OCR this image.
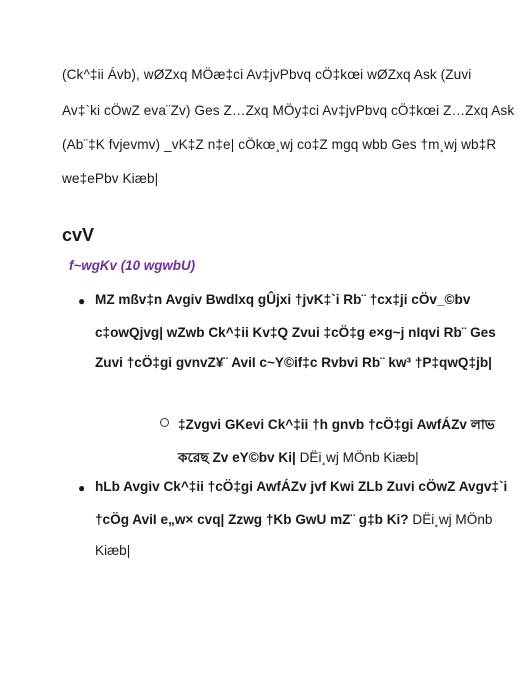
(Ck^‡ii Ávb), wØZxq MÖæ‡ci Av‡jvPbvq cÖ‡kœi wØZxq Ask (Zuvi
Av‡`ki cÖwZ eva¨Zv) Ges Z…Zxq MÖy‡ci Av‡jvPbvq cÖ‡kœi Z…Zxq Ask
(Ab¨‡K fvjevmv) _vK‡Z n‡e| cÖkœ¸wj co‡Z mgq wbb Ges †m¸wj wb‡R
we‡ePbv Kiæb|
cvV
f~wgKv (10 wgwbU)
● MZ mßv‡n Avgiv Bwdlxq gÛjxi †jvK‡`i Rb¨ †cx‡ji cÖv_©bv
c‡owQjvg| wZwb Ck^‡ii Kv‡Q Zvui ‡cÖ‡g e×g~j nIqvi Rb¨ Ges
Zuvi †cÖ‡gi gvnvZ¥¨ AviI c~Y©if‡c Rvbvi Rb¨ kw³ †P‡qwQ‡jb|
‡Zvgvi GKevi Ck^‡ii †h gnvb †cÖ‡gi AwfÁZv লাভ
করেছ Zv eY©bv Ki| DËi¸wj MÖnb Kiæb|
● hLb Avgiv Ck^‡ii †cÖ‡gi AwfÁZv jvf Kwi ZLb Zuvi cÖwZ Avgv‡`i
†cÖg AviI e„w× cvq| Zzwg †Kb GwU mZ¨ g‡b Ki? DËi¸wj MÖnb
Kiæb|
